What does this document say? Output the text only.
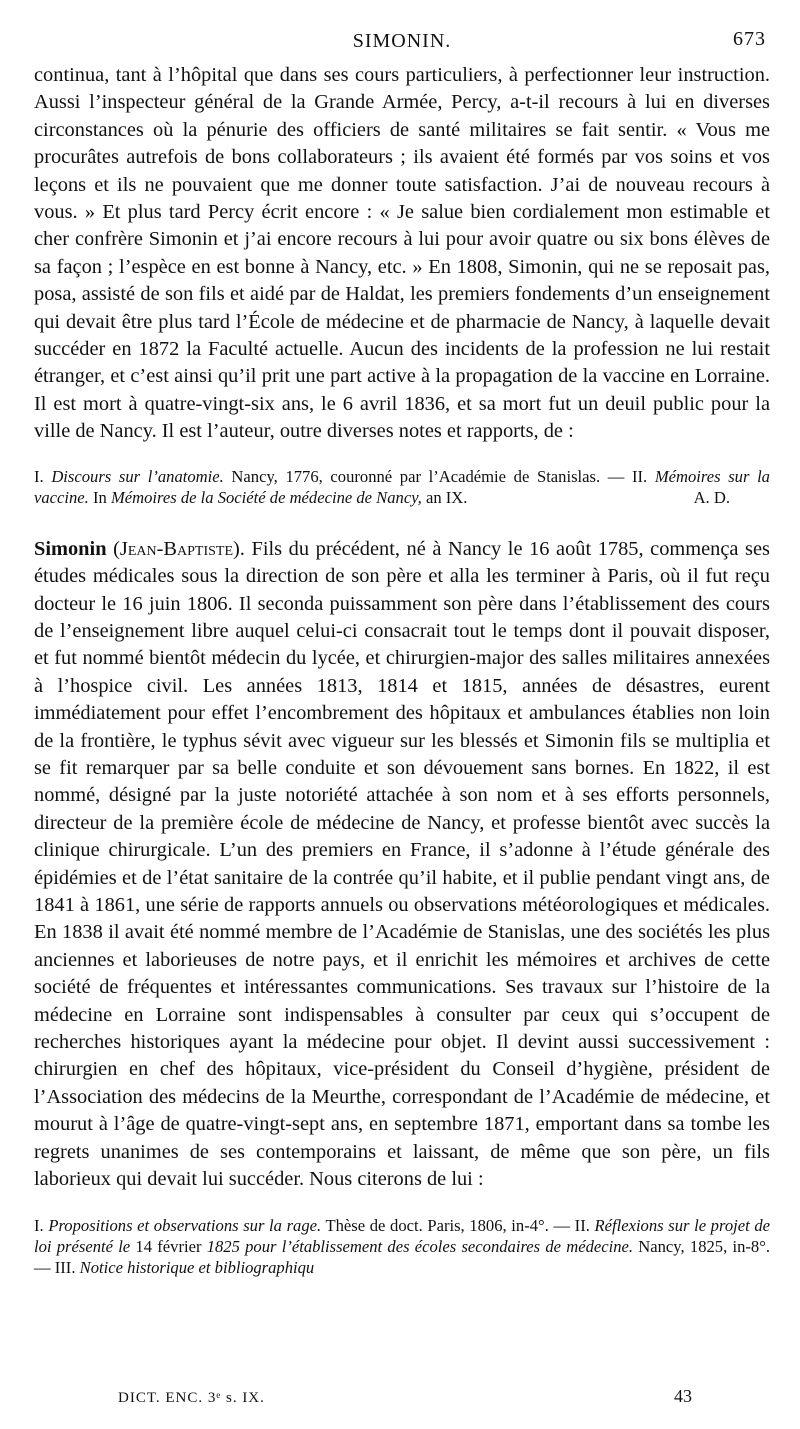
SIMONIN.	673

continua, tant à l’hôpital que dans ses cours particuliers, à perfectionner leur instruction. Aussi l’inspecteur général de la Grande Armée, Percy, a-t-il recours à lui en diverses circonstances où la pénurie des officiers de santé militaires se fait sentir. « Vous me procurâtes autrefois de bons collaborateurs ; ils avaient été formés par vos soins et vos leçons et ils ne pouvaient que me donner toute satisfaction. J’ai de nouveau recours à vous. » Et plus tard Percy écrit encore : « Je salue bien cordialement mon estimable et cher confrère Simonin et j’ai encore recours à lui pour avoir quatre ou six bons élèves de sa façon ; l’espèce en est bonne à Nancy, etc. » En 1808, Simonin, qui ne se reposait pas, posa, assisté de son fils et aidé par de Haldat, les premiers fondements d’un enseignement qui devait être plus tard l’École de médecine et de pharmacie de Nancy, à laquelle devait succéder en 1872 la Faculté actuelle. Aucun des incidents de la profession ne lui restait étranger, et c’est ainsi qu’il prit une part active à la propagation de la vaccine en Lorraine. Il est mort à quatre-vingt-six ans, le 6 avril 1836, et sa mort fut un deuil public pour la ville de Nancy. Il est l’auteur, outre diverses notes et rapports, de :

I. Discours sur l’anatomie. Nancy, 1776, couronné par l’Académie de Stanislas. — II. Mémoires sur la vaccine. In Mémoires de la Société de médecine de Nancy, an IX.	A. D.

Simonin (Jean-Baptiste). Fils du précédent, né à Nancy le 16 août 1785, commença ses études médicales sous la direction de son père et alla les terminer à Paris, où il fut reçu docteur le 16 juin 1806. Il seconda puissamment son père dans l’établissement des cours de l’enseignement libre auquel celui-ci consacrait tout le temps dont il pouvait disposer, et fut nommé bientôt médecin du lycée, et chirurgien-major des salles militaires annexées à l’hospice civil. Les années 1813, 1814 et 1815, années de désastres, eurent immédiatement pour effet l’encombrement des hôpitaux et ambulances établies non loin de la frontière, le typhus sévit avec vigueur sur les blessés et Simonin fils se multiplia et se fit remarquer par sa belle conduite et son dévouement sans bornes. En 1822, il est nommé, désigné par la juste notoriété attachée à son nom et à ses efforts personnels, directeur de la première école de médecine de Nancy, et professe bientôt avec succès la clinique chirurgicale. L’un des premiers en France, il s’adonne à l’étude générale des épidémies et de l’état sanitaire de la contrée qu’il habite, et il publie pendant vingt ans, de 1841 à 1861, une série de rapports annuels ou observations météorologiques et médicales. En 1838 il avait été nommé membre de l’Académie de Stanislas, une des sociétés les plus anciennes et laborieuses de notre pays, et il enrichit les mémoires et archives de cette société de fréquentes et intéressantes communications. Ses travaux sur l’histoire de la médecine en Lorraine sont indispensables à consulter par ceux qui s’occupent de recherches historiques ayant la médecine pour objet. Il devint aussi successivement : chirurgien en chef des hôpitaux, vice-président du Conseil d’hygiène, président de l’Association des médecins de la Meurthe, correspondant de l’Académie de médecine, et mourut à l’âge de quatre-vingt-sept ans, en septembre 1871, emportant dans sa tombe les regrets unanimes de ses contemporains et laissant, de même que son père, un fils laborieux qui devait lui succéder. Nous citerons de lui :

I. Propositions et observations sur la rage. Thèse de doct. Paris, 1806, in-4°. — II. Réflexions sur le projet de loi présenté le 14 février 1825 pour l’établissement des écoles secondaires de médecine. Nancy, 1825, in-8°. — III. Notice historique et bibliographiqu

DICT. ENC. 3ᵉ s. IX.	43
